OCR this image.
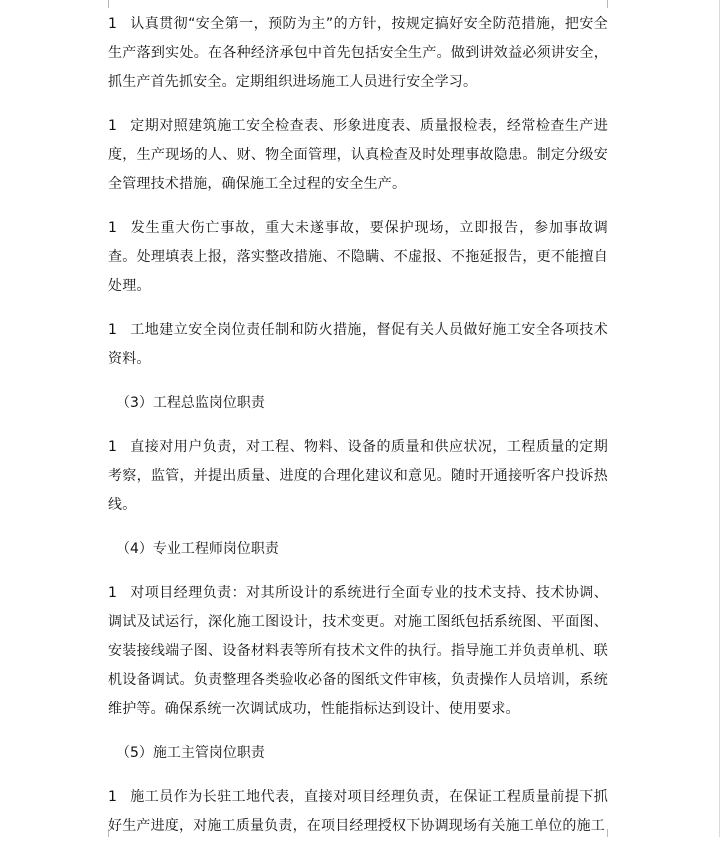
1 认真贯彻“安全第一，预防为主”的方针，按规定搞好安全防范措施，把安全生产落到实处。在各种经济承包中首先包括安全生产。做到讲效益必须讲安全，抓生产首先抓安全。定期组织进场施工人员进行安全学习。

1 定期对照建筑施工安全检查表、形象进度表、质量报检表，经常检查生产进度，生产现场的人、财、物全面管理，认真检查及时处理事故隐患。制定分级安全管理技术措施，确保施工全过程的安全生产。

1 发生重大伤亡事故，重大未遂事故，要保护现场，立即报告，参加事故调查。处理填表上报，落实整改措施、不隐瞒、不虚报、不拖延报告，更不能擅自处理。

1 工地建立安全岗位责任制和防火措施，督促有关人员做好施工安全各项技术资料。

（3）工程总监岗位职责

1 直接对用户负责，对工程、物料、设备的质量和供应状况，工程质量的定期考察，监管，并提出质量、进度的合理化建议和意见。随时开通接听客户投诉热线。

（4）专业工程师岗位职责

1 对项目经理负责：对其所设计的系统进行全面专业的技术支持、技术协调、调试及试运行，深化施工图设计，技术变更。对施工图纸包括系统图、平面图、安装接线端子图、设备材料表等所有技术文件的执行。指导施工并负责单机、联机设备调试。负责整理各类验收必备的图纸文件审核，负责操作人员培训，系统维护等。确保系统一次调试成功，性能指标达到设计、使用要求。

（5）施工主管岗位职责

1 施工员作为长驻工地代表，直接对项目经理负责，在保证工程质量前提下抓好生产进度，对施工质量负责，在项目经理授权下协调现场有关施工单位的施工
